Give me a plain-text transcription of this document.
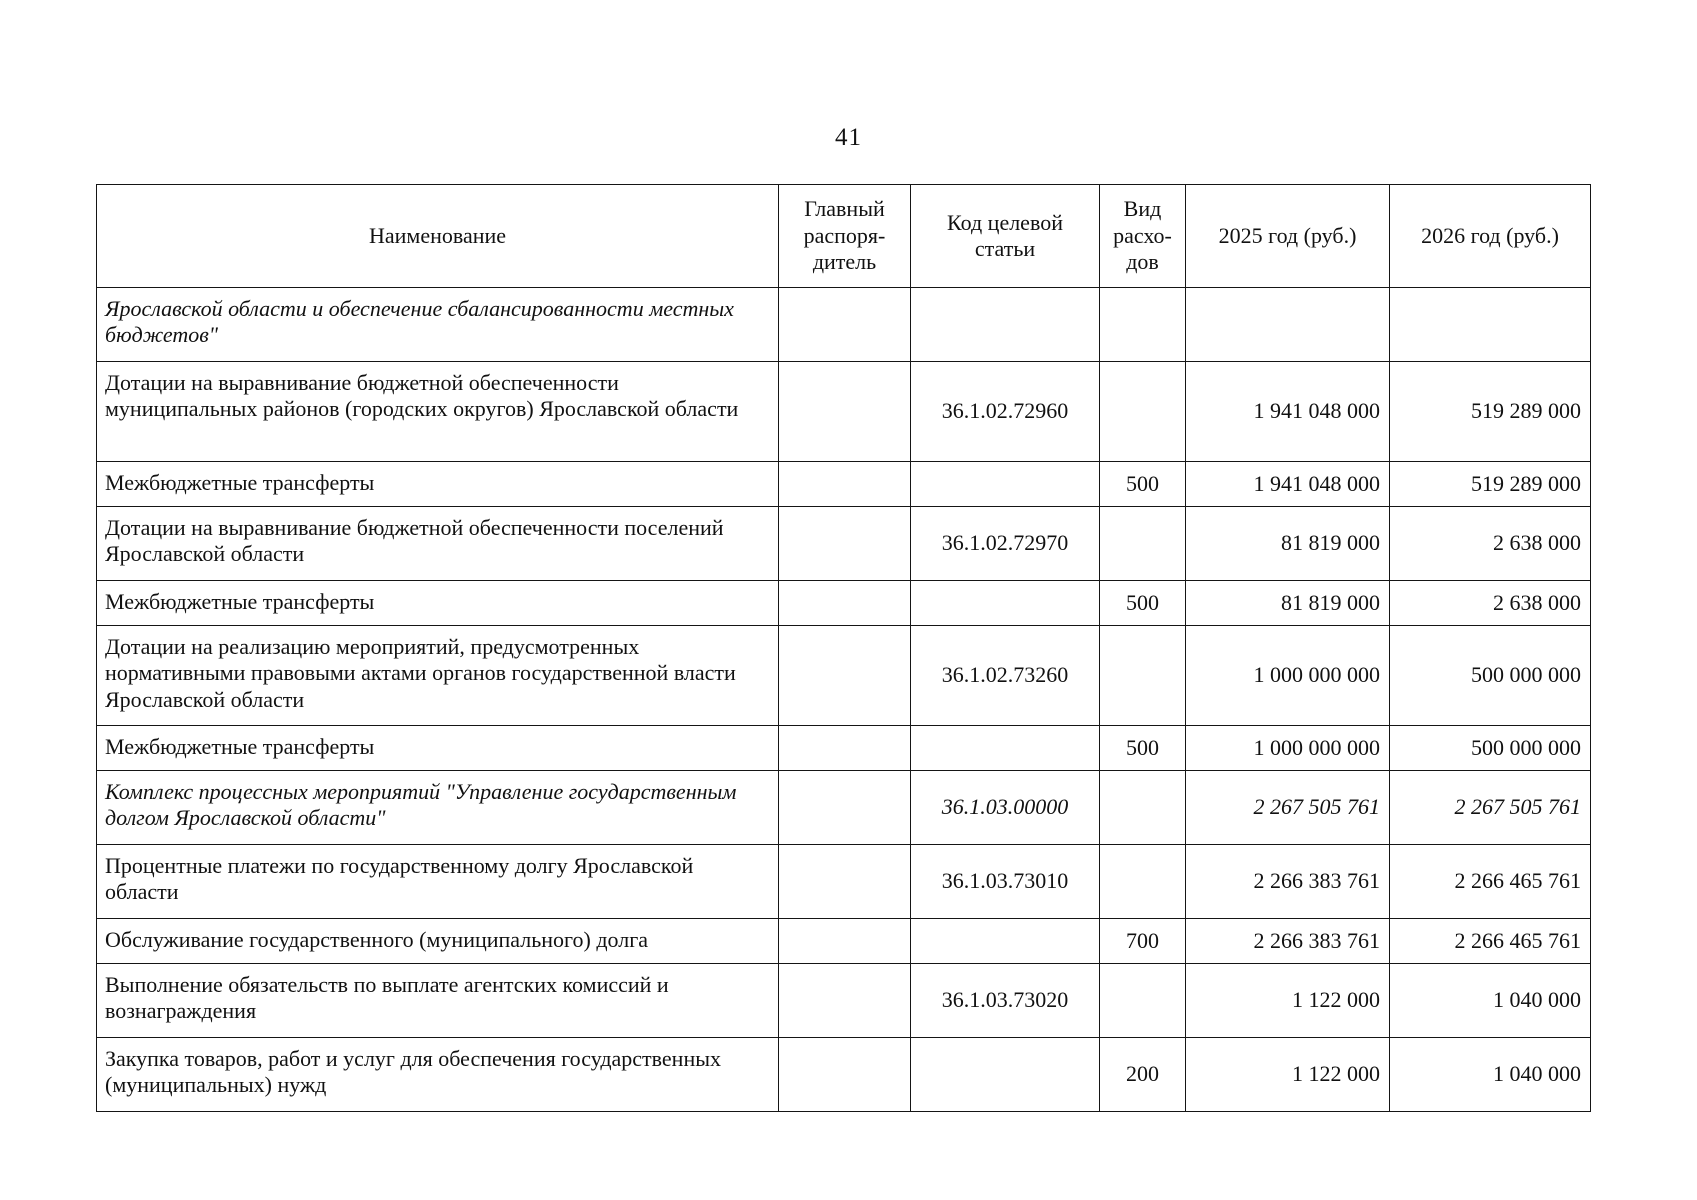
41
Наименование	Главный распоря-дитель	Код целевой статьи	Вид расхо-дов	2025 год (руб.)	2026 год (руб.)
Ярославской области и обеспечение сбалансированности местных бюджетов"					
Дотации на выравнивание бюджетной обеспеченности муниципальных районов (городских округов) Ярославской области		36.1.02.72960		1 941 048 000	519 289 000
Межбюджетные трансферты			500	1 941 048 000	519 289 000
Дотации на выравнивание бюджетной обеспеченности поселений Ярославской области		36.1.02.72970		81 819 000	2 638 000
Межбюджетные трансферты			500	81 819 000	2 638 000
Дотации на реализацию мероприятий, предусмотренных нормативными правовыми актами органов государственной власти Ярославской области		36.1.02.73260		1 000 000 000	500 000 000
Межбюджетные трансферты			500	1 000 000 000	500 000 000
Комплекс процессных мероприятий "Управление государственным долгом Ярославской области"		36.1.03.00000		2 267 505 761	2 267 505 761
Процентные платежи по государственному долгу Ярославской области		36.1.03.73010		2 266 383 761	2 266 465 761
Обслуживание государственного (муниципального) долга			700	2 266 383 761	2 266 465 761
Выполнение обязательств по выплате агентских комиссий и вознаграждения		36.1.03.73020		1 122 000	1 040 000
Закупка товаров, работ и услуг для обеспечения государственных (муниципальных) нужд			200	1 122 000	1 040 000
